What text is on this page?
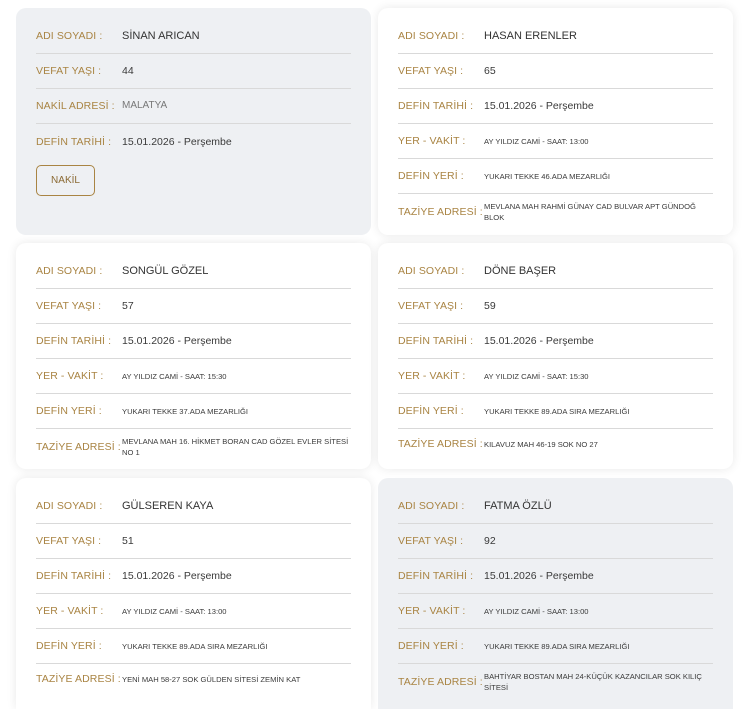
ADI SOYADI :	SİNAN ARICAN
VEFAT YAŞI :	44
NAKİL ADRESİ : MALATYA
DEFİN TARİHİ :	15.01.2026 - Perşembe
NAKİL
ADI SOYADI :	HASAN ERENLER
VEFAT YAŞI :	65
DEFİN TARİHİ :	15.01.2026 - Perşembe
YER - VAKİT :	AY YILDIZ CAMİ - SAAT: 13:00
DEFİN YERİ :	YUKARI TEKKE 46.ADA MEZARLIĞI
TAZİYE ADRESİ : MEVLANA MAH RAHMİ GÜNAY CAD BULVAR APT GÜNDOĞ BLOK
ADI SOYADI :	SONGÜL GÖZEL
VEFAT YAŞI :	57
DEFİN TARİHİ :	15.01.2026 - Perşembe
YER - VAKİT :	AY YILDIZ CAMİ - SAAT: 15:30
DEFİN YERİ :	YUKARI TEKKE 37.ADA MEZARLIĞI
TAZİYE ADRESİ : MEVLANA MAH 16. HİKMET BORAN CAD GÖZEL EVLER SİTESİ NO 1
ADI SOYADI :	DÖNE BAŞER
VEFAT YAŞI :	59
DEFİN TARİHİ :	15.01.2026 - Perşembe
YER - VAKİT :	AY YILDIZ CAMİ - SAAT: 15:30
DEFİN YERİ :	YUKARI TEKKE 89.ADA SIRA MEZARLIĞI
TAZİYE ADRESİ : KILAVUZ MAH 46-19 SOK NO 27
ADI SOYADI :	GÜLSEREN KAYA
VEFAT YAŞI :	51
DEFİN TARİHİ :	15.01.2026 - Perşembe
YER - VAKİT :	AY YILDIZ CAMİ - SAAT: 13:00
DEFİN YERİ :	YUKARI TEKKE 89.ADA SIRA MEZARLIĞI
TAZİYE ADRESİ : YENİ MAH 58-27 SOK GÜLDEN SİTESİ ZEMİN KAT
ADI SOYADI :	FATMA ÖZLÜ
VEFAT YAŞI :	92
DEFİN TARİHİ :	15.01.2026 - Perşembe
YER - VAKİT :	AY YILDIZ CAMİ - SAAT: 13:00
DEFİN YERİ :	YUKARI TEKKE 89.ADA SIRA MEZARLIĞI
TAZİYE ADRESİ : BAHTİYAR BOSTAN MAH 24-KÜÇÜK KAZANCILAR SOK KILIÇ SİTESİ
